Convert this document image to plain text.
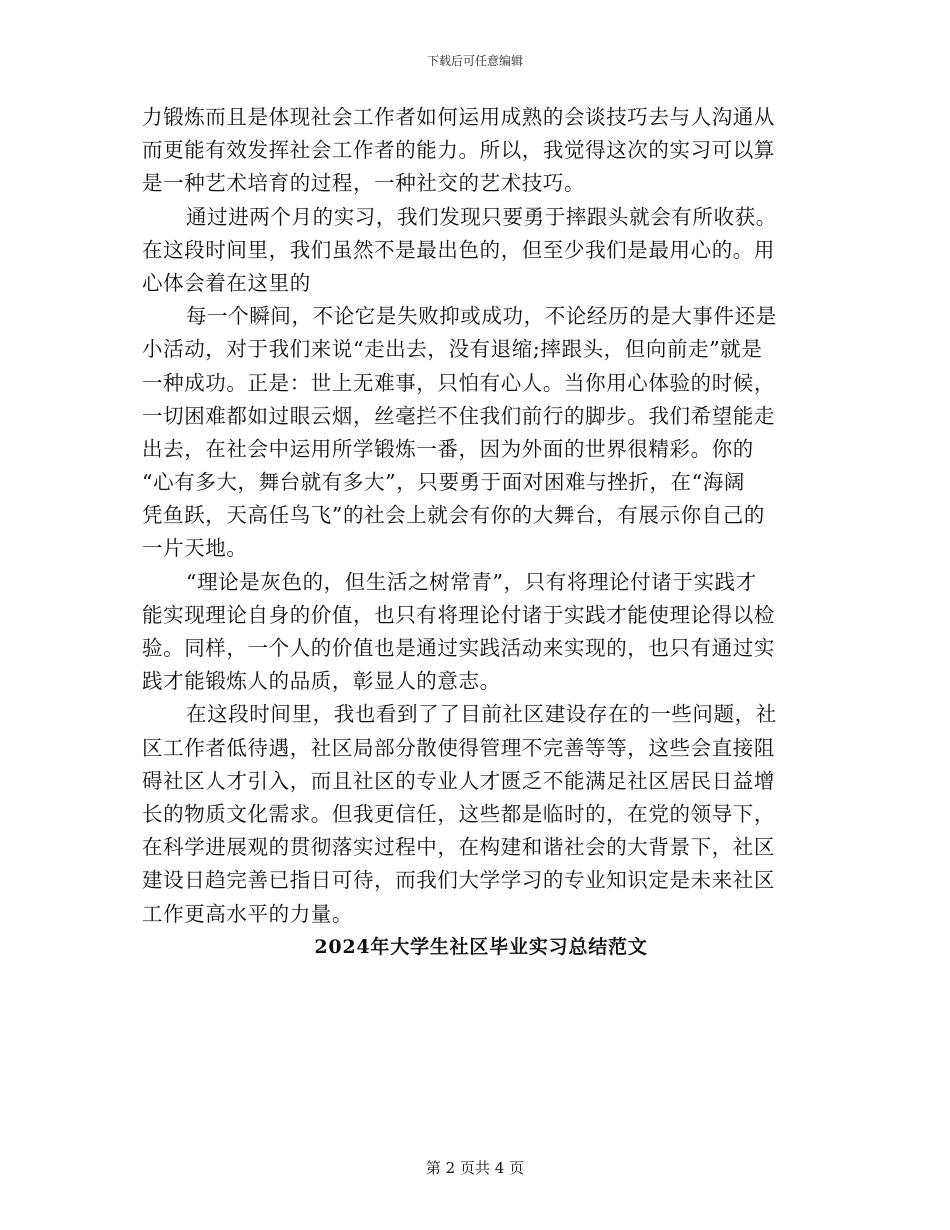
下载后可任意编辑
力锻炼而且是体现社会工作者如何运用成熟的会谈技巧去与人沟通从
而更能有效发挥社会工作者的能力。所以，我觉得这次的实习可以算
是一种艺术培育的过程，一种社交的艺术技巧。
通过进两个月的实习，我们发现只要勇于摔跟头就会有所收获。
在这段时间里，我们虽然不是最出色的，但至少我们是最用心的。用
心体会着在这里的
每一个瞬间，不论它是失败抑或成功，不论经历的是大事件还是
小活动，对于我们来说“走出去，没有退缩;摔跟头，但向前走”就是
一种成功。正是：世上无难事，只怕有心人。当你用心体验的时候，
一切困难都如过眼云烟，丝毫拦不住我们前行的脚步。我们希望能走
出去，在社会中运用所学锻炼一番，因为外面的世界很精彩。你的
“心有多大，舞台就有多大”，只要勇于面对困难与挫折，在“海阔
凭鱼跃，天高任鸟飞”的社会上就会有你的大舞台，有展示你自己的
一片天地。
“理论是灰色的，但生活之树常青”，只有将理论付诸于实践才
能实现理论自身的价值，也只有将理论付诸于实践才能使理论得以检
验。同样，一个人的价值也是通过实践活动来实现的，也只有通过实
践才能锻炼人的品质，彰显人的意志。
在这段时间里，我也看到了了目前社区建设存在的一些问题，社
区工作者低待遇，社区局部分散使得管理不完善等等，这些会直接阻
碍社区人才引入，而且社区的专业人才匮乏不能满足社区居民日益增
长的物质文化需求。但我更信任，这些都是临时的，在党的领导下，
在科学进展观的贯彻落实过程中，在构建和谐社会的大背景下，社区
建设日趋完善已指日可待，而我们大学学习的专业知识定是未来社区
工作更高水平的力量。
2024年大学生社区毕业实习总结范文
第 2 页共 4 页
